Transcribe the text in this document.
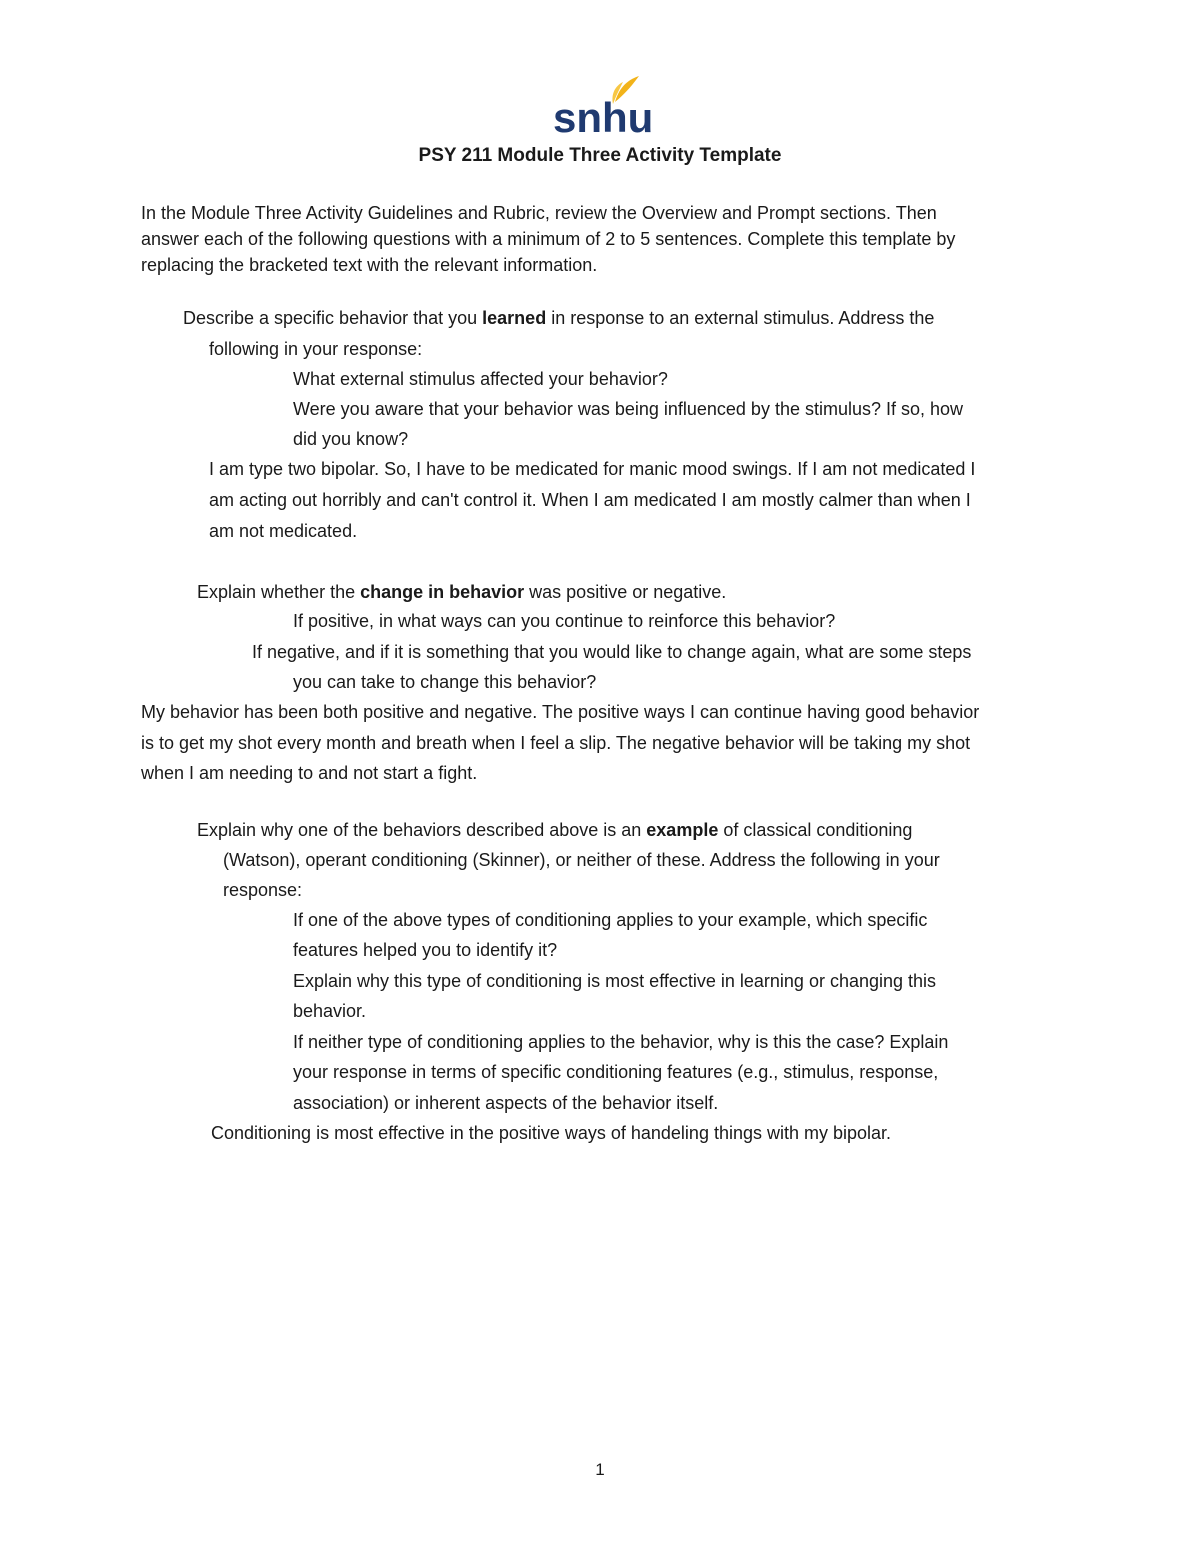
snhu
PSY 211 Module Three Activity Template
In the Module Three Activity Guidelines and Rubric, review the Overview and Prompt sections. Then
answer each of the following questions with a minimum of 2 to 5 sentences. Complete this template by
replacing the bracketed text with the relevant information.
Describe a specific behavior that you learned in response to an external stimulus. Address the
following in your response:
What external stimulus affected your behavior?
Were you aware that your behavior was being influenced by the stimulus? If so, how
did you know?
I am type two bipolar. So, I have to be medicated for manic mood swings. If I am not medicated I
am acting out horribly and can't control it. When I am medicated I am mostly calmer than when I
am not medicated.
Explain whether the change in behavior was positive or negative.
If positive, in what ways can you continue to reinforce this behavior?
If negative, and if it is something that you would like to change again, what are some steps
you can take to change this behavior?
My behavior has been both positive and negative. The positive ways I can continue having good behavior
is to get my shot every month and breath when I feel a slip. The negative behavior will be taking my shot
when I am needing to and not start a fight.
Explain why one of the behaviors described above is an example of classical conditioning
(Watson), operant conditioning (Skinner), or neither of these. Address the following in your
response:
If one of the above types of conditioning applies to your example, which specific
features helped you to identify it?
Explain why this type of conditioning is most effective in learning or changing this
behavior.
If neither type of conditioning applies to the behavior, why is this the case? Explain
your response in terms of specific conditioning features (e.g., stimulus, response,
association) or inherent aspects of the behavior itself.
Conditioning is most effective in the positive ways of handeling things with my bipolar.
1
